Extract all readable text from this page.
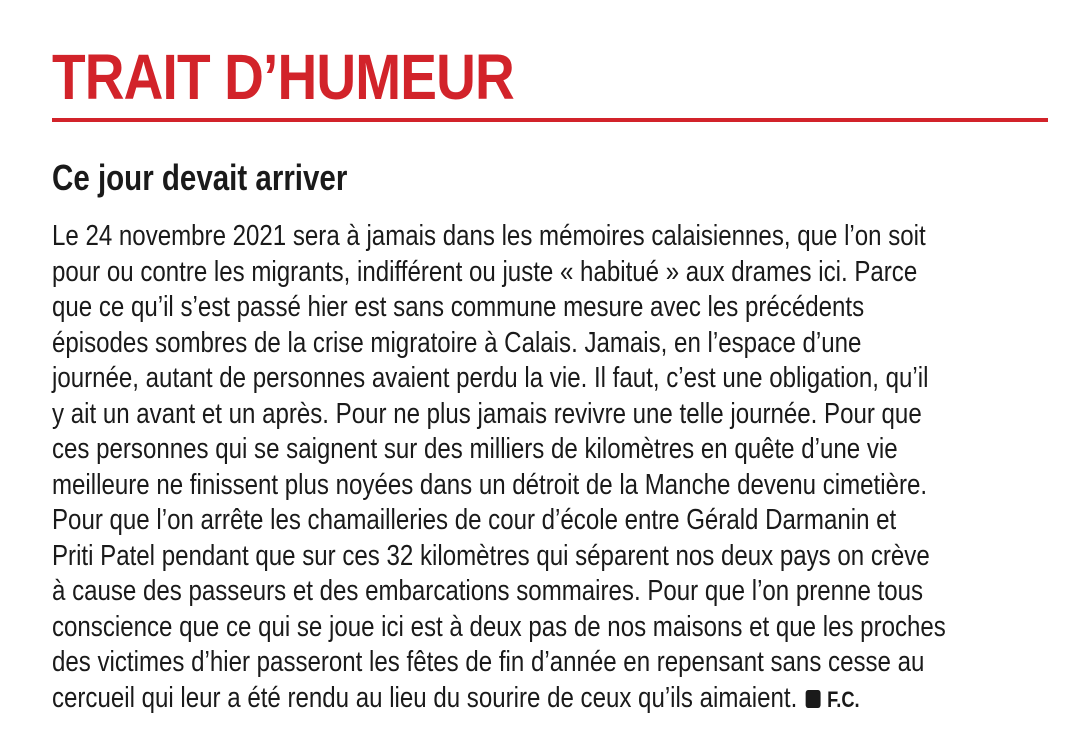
TRAIT D’HUMEUR
Ce jour devait arriver
Le 24 novembre 2021 sera à jamais dans les mémoires calaisiennes, que l’on soit
pour ou contre les migrants, indifférent ou juste « habitué » aux drames ici. Parce
que ce qu’il s’est passé hier est sans commune mesure avec les précédents
épisodes sombres de la crise migratoire à Calais. Jamais, en l’espace d’une
journée, autant de personnes avaient perdu la vie. Il faut, c’est une obligation, qu’il
y ait un avant et un après. Pour ne plus jamais revivre une telle journée. Pour que
ces personnes qui se saignent sur des milliers de kilomètres en quête d’une vie
meilleure ne finissent plus noyées dans un détroit de la Manche devenu cimetière.
Pour que l’on arrête les chamailleries de cour d’école entre Gérald Darmanin et
Priti Patel pendant que sur ces 32 kilomètres qui séparent nos deux pays on crève
à cause des passeurs et des embarcations sommaires. Pour que l’on prenne tous
conscience que ce qui se joue ici est à deux pas de nos maisons et que les proches
des victimes d’hier passeront les fêtes de fin d’année en repensant sans cesse au
cercueil qui leur a été rendu au lieu du sourire de ceux qu’ils aimaient. F.C.
